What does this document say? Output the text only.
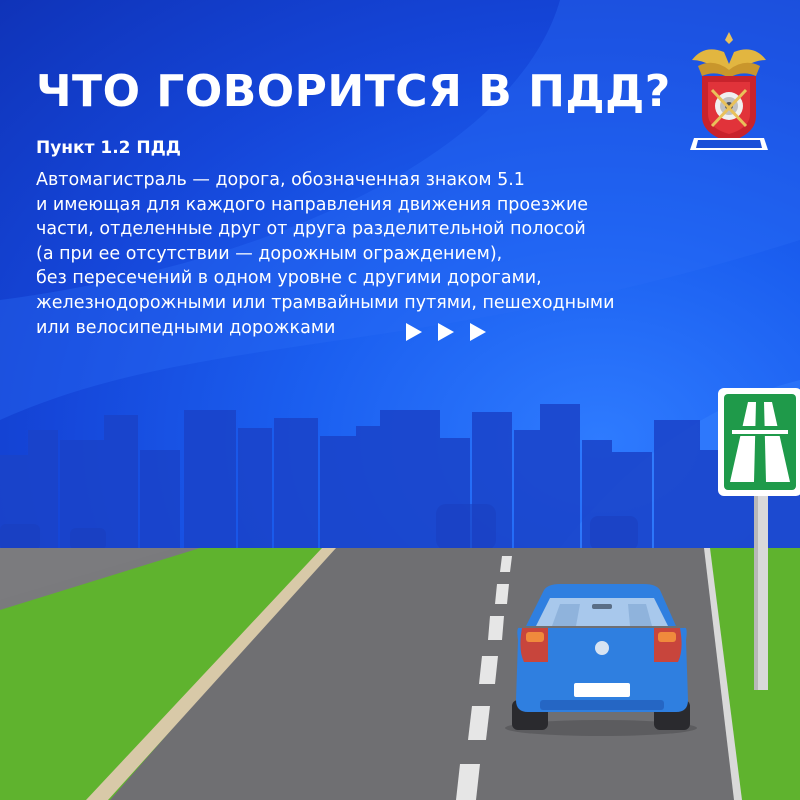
ЧТО ГОВОРИТСЯ В ПДД?
Пункт 1.2 ПДД
Автомагистраль — дорога, обозначенная знаком 5.1
и имеющая для каждого направления движения проезжие
части, отделенные друг от друга разделительной полосой
(а при ее отсутствии — дорожным ограждением),
без пересечений в одном уровне с другими дорогами,
железнодорожными или трамвайными путями, пешеходными
или велосипедными дорожками
